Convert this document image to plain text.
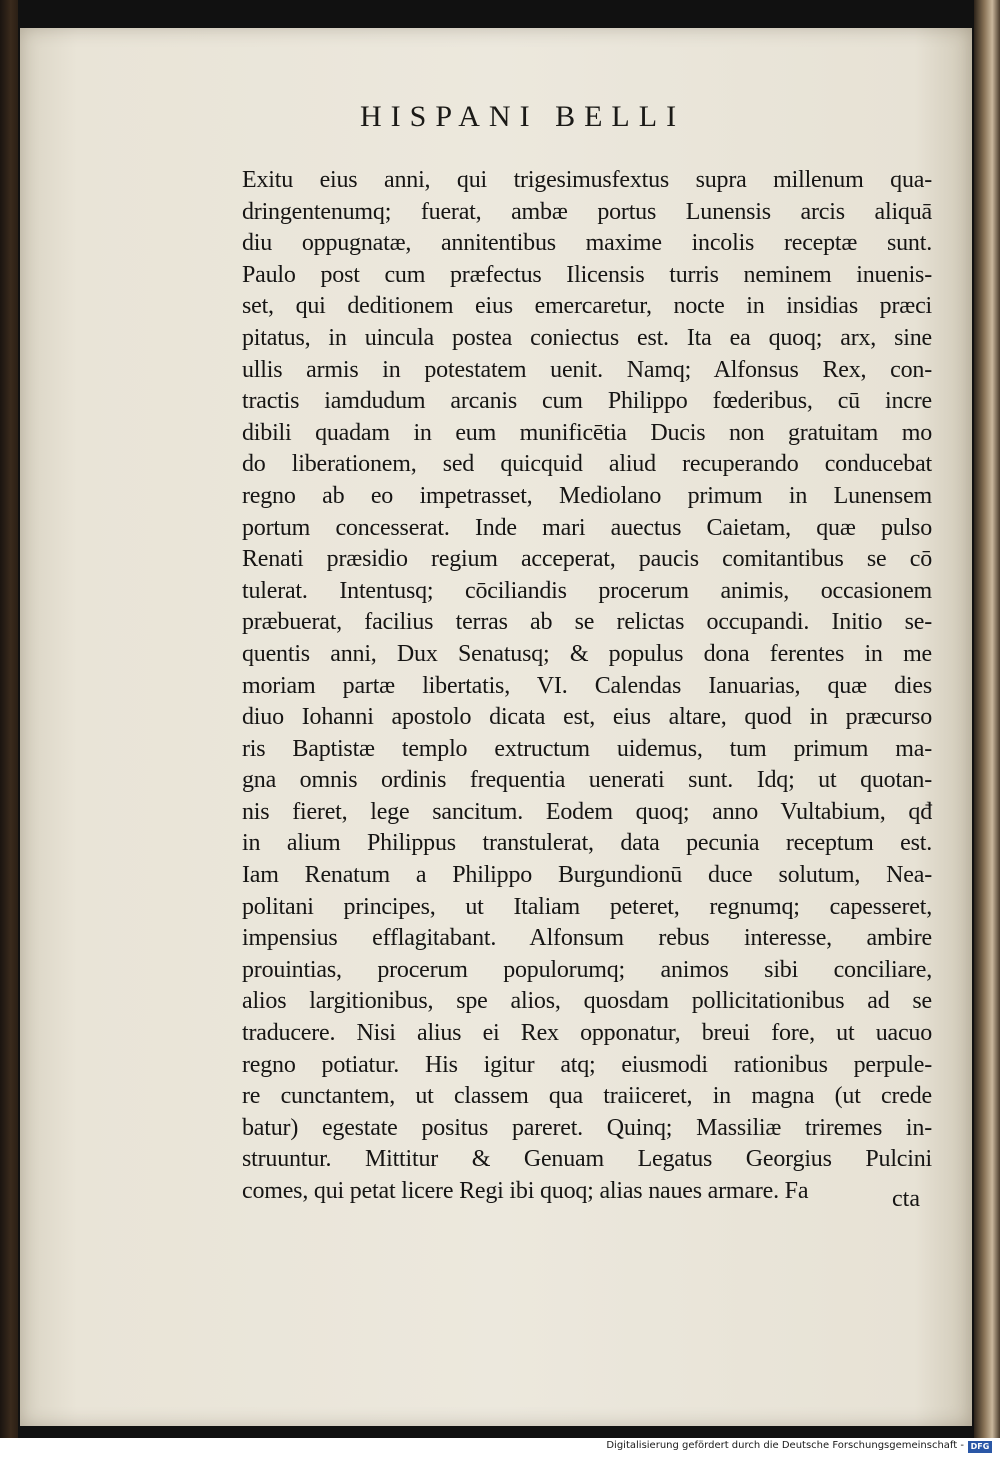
HISPANI BELLI
Exitu eius anni, qui trigesimusfextus supra millenum qua-
dringentenumq; fuerat, ambæ portus Lunensis arcis aliquā
diu oppugnatæ, annitentibus maxime incolis receptæ sunt.
Paulo post cum præfectus Ilicensis turris neminem inuenis-
set, qui deditionem eius emercaretur, nocte in insidias præci
pitatus, in uincula postea coniectus est. Ita ea quoq; arx, sine
ullis armis in potestatem uenit. Namq; Alfonsus Rex, con-
tractis iamdudum arcanis cum Philippo fœderibus, cū incre
dibili quadam in eum munificētia Ducis non gratuitam mo
do liberationem, sed quicquid aliud recuperando conducebat
regno ab eo impetrasset, Mediolano primum in Lunensem
portum concesserat. Inde mari auectus Caietam, quæ pulso
Renati præsidio regium acceperat, paucis comitantibus se cō
tulerat. Intentusq; cōciliandis procerum animis, occasionem
præbuerat, facilius terras ab se relictas occupandi. Initio se-
quentis anni, Dux Senatusq; & populus dona ferentes in me
moriam partæ libertatis, VI. Calendas Ianuarias, quæ dies
diuo Iohanni apostolo dicata est, eius altare, quod in præcurso
ris Baptistæ templo extructum uidemus, tum primum ma-
gna omnis ordinis frequentia uenerati sunt. Idq; ut quotan-
nis fieret, lege sancitum. Eodem quoq; anno Vultabium, qđ
in alium Philippus transtulerat, data pecunia receptum est.
Iam Renatum a Philippo Burgundionū duce solutum, Nea-
politani principes, ut Italiam peteret, regnumq; capesseret,
impensius efflagitabant. Alfonsum rebus interesse, ambire
prouintias, procerum populorumq; animos sibi conciliare,
alios largitionibus, spe alios, quosdam pollicitationibus ad se
traducere. Nisi alius ei Rex opponatur, breui fore, ut uacuo
regno potiatur. His igitur atq; eiusmodi rationibus perpule-
re cunctantem, ut classem qua traiiceret, in magna (ut crede
batur) egestate positus pareret. Quinq; Massiliæ triremes in-
struuntur. Mittitur & Genuam Legatus Georgius Pulcini
comes, qui petat licere Regi ibi quoq; alias naues armare. Fa	cta
Digitalisierung gefördert durch die Deutsche Forschungsgemeinschaft - DFG
